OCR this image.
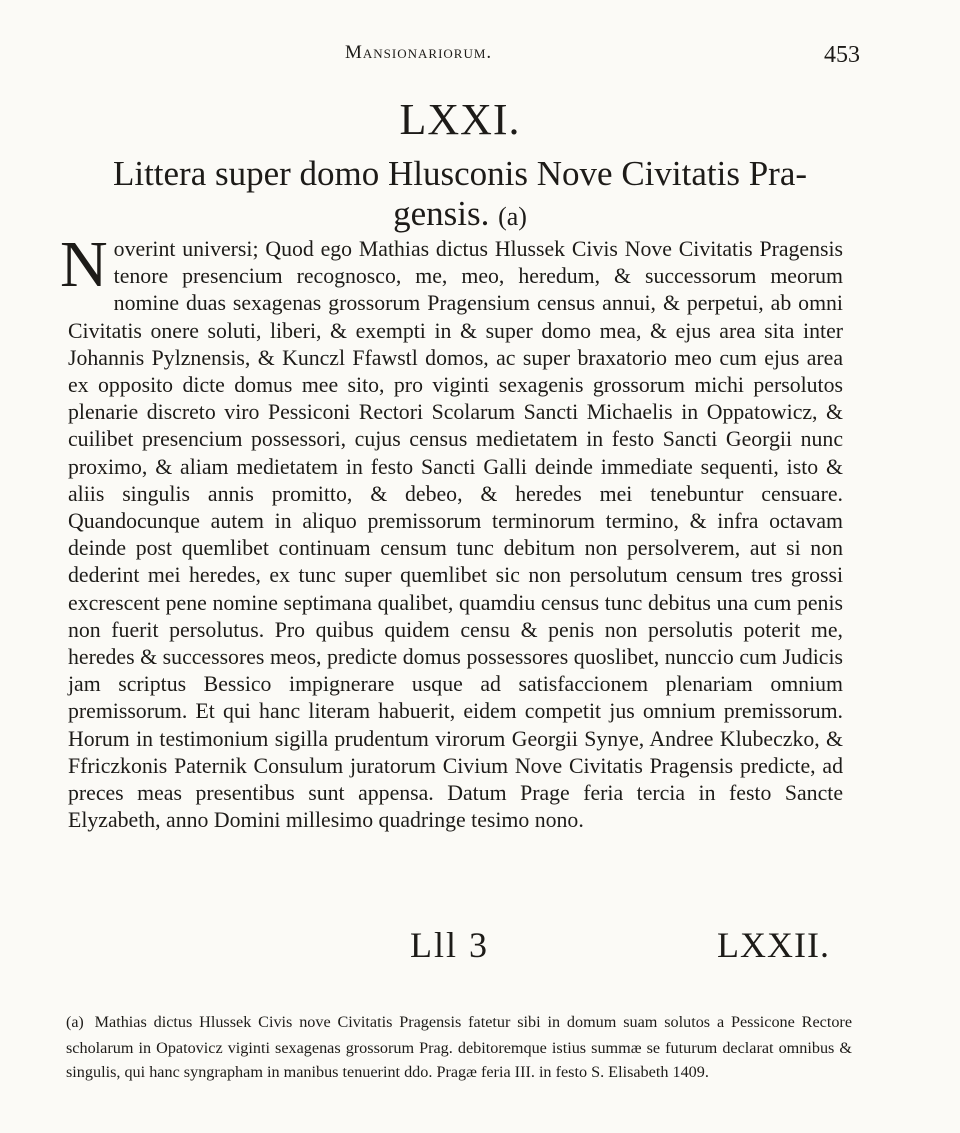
Mansionariorum.	453
LXXI.
Littera super domo Hlusconis Nove Civitatis Pra-
gensis. (a)
N overint universi; Quod ego Mathias dictus Hlussek Civis Nove Civitatis Pragensis tenore presencium recognosco, me, meo, heredum, & successorum meorum nomine duas sexagenas grossorum Pragensium census annui, & perpetui, ab omni Civitatis onere soluti, liberi, & exempti in & super domo mea, & ejus area sita inter Johannis Pylznensis, & Kunczl Ffawstl domos, ac super braxatorio meo cum ejus area ex opposito dicte domus mee sito, pro viginti sexagenis grossorum michi persolutos plenarie discreto viro Pessiconi Rectori Scolarum Sancti Michaelis in Oppatowicz, & cuilibet presencium possessori, cujus census medietatem in festo Sancti Georgii nunc proximo, & aliam medietatem in festo Sancti Galli deinde immediate sequenti, isto & aliis singulis annis promitto, & debeo, & heredes mei tenebuntur censuare. Quandocunque autem in aliquo premissorum terminorum termino, & infra octavam deinde post quemlibet continuam censum tunc debitum non persolverem, aut si non dederint mei heredes, ex tunc super quemlibet sic non persolutum censum tres grossi excrescent pene nomine septimana qualibet, quamdiu census tunc debitus una cum penis non fuerit persolutus. Pro quibus quidem censu & penis non persolutis poterit me, heredes & successores meos, predicte domus possessores quoslibet, nunccio cum Judicis jam scriptus Bessico impignerare usque ad satisfaccionem plenariam omnium premissorum. Et qui hanc literam habuerit, eidem competit jus omnium premissorum. Horum in testimonium sigilla prudentum virorum Georgii Synye, Andree Klubeczko, & Ffriczkonis Paternik Consulum juratorum Civium Nove Civitatis Pragensis predicte, ad preces meas presentibus sunt appensa. Datum Prage feria tercia in festo Sancte Elyzabeth, anno Domini millesimo quadringe tesimo nono.
Lll 3	LXXII.
(a) Mathias dictus Hlussek Civis nove Civitatis Pragensis fatetur sibi in domum suam solutos a Pessicone Rectore scholarum in Opatovicz viginti sexagenas grossorum Prag. debitoremque istius summæ se futurum declarat omnibus & singulis, qui hanc syngrapham in manibus tenuerint ddo. Pragæ feria III. in festo S. Elisabeth 1409.
